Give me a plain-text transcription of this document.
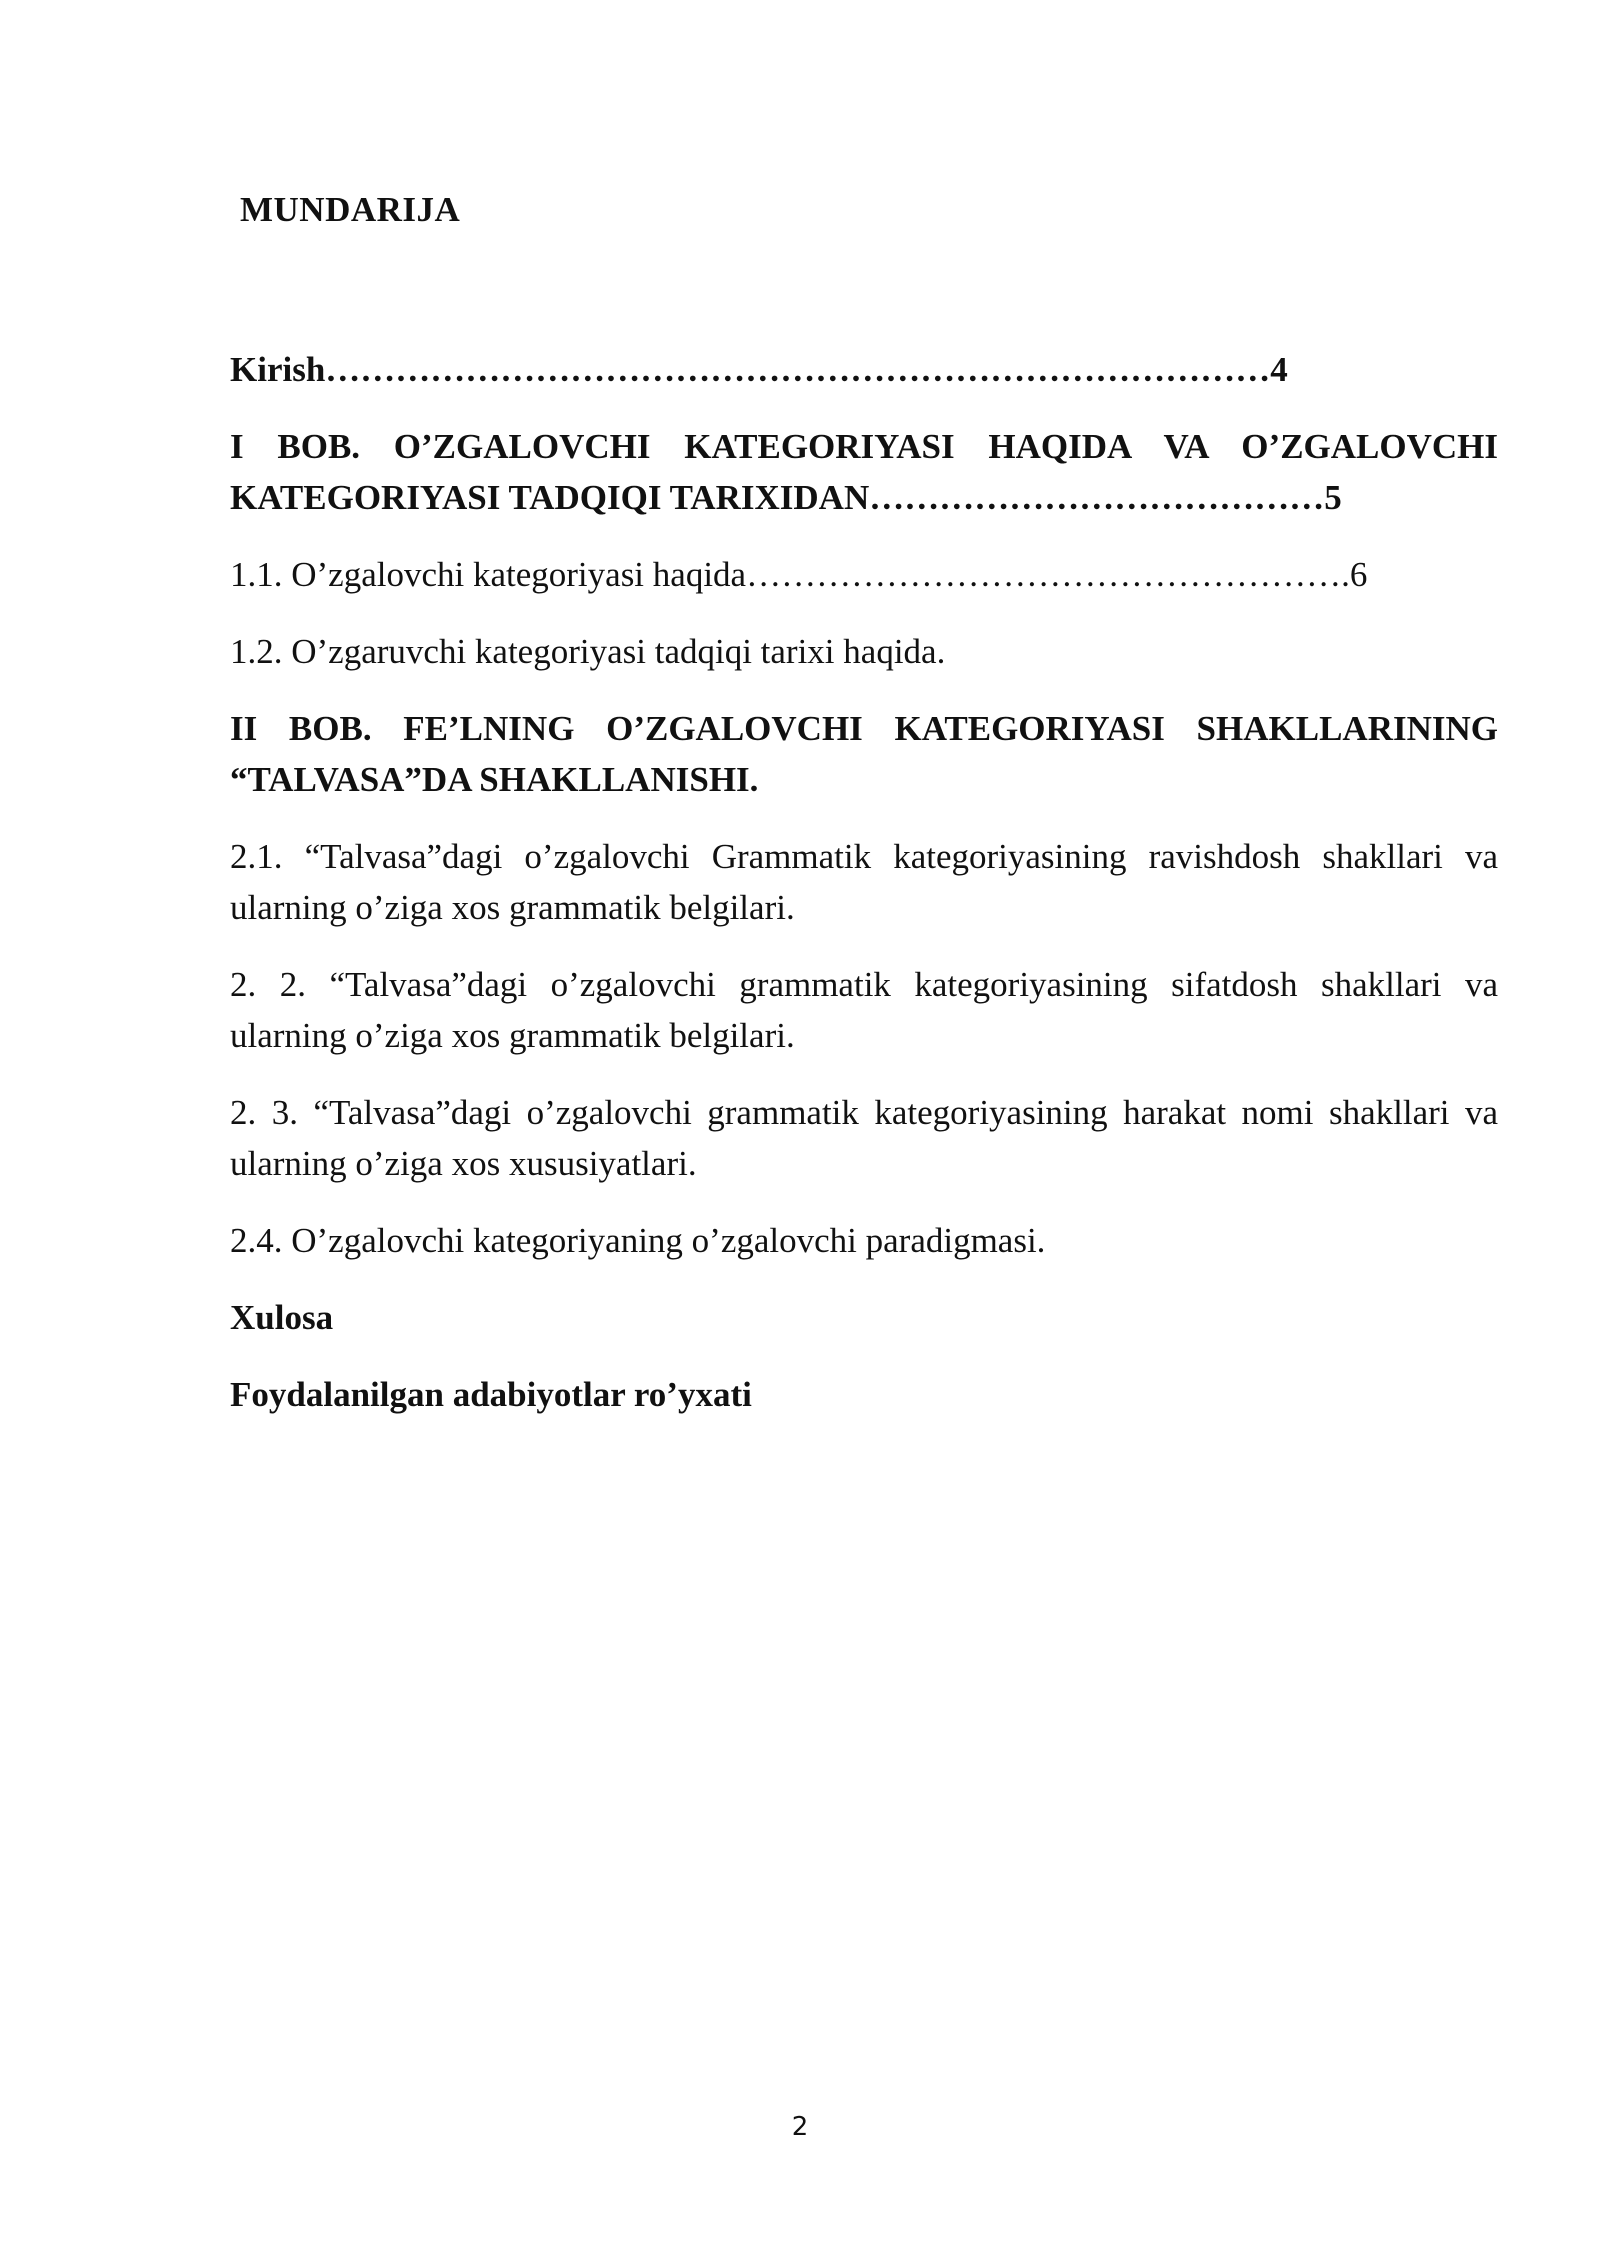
MUNDARIJA

Kirish………………………………………………………………………4

I BOB. O’ZGALOVCHI KATEGORIYASI HAQIDA VA O’ZGALOVCHI KATEGORIYASI TADQIQI TARIXIDAN…………………………………5

1.1. O’zgalovchi kategoriyasi haqida…………………………………………….6

1.2. O’zgaruvchi kategoriyasi tadqiqi tarixi haqida.

II BOB. FE’LNING O’ZGALOVCHI KATEGORIYASI SHAKLLARINING “TALVASA”DA SHAKLLANISHI.

2.1. “Talvasa”dagi o’zgalovchi Grammatik kategoriyasining ravishdosh shakllari va ularning o’ziga xos grammatik belgilari.

2. 2. “Talvasa”dagi o’zgalovchi grammatik kategoriyasining sifatdosh shakllari va ularning o’ziga xos grammatik belgilari.

2. 3. “Talvasa”dagi o’zgalovchi grammatik kategoriyasining harakat nomi shakllari va ularning o’ziga xos xususiyatlari.

2.4. O’zgalovchi kategoriyaning o’zgalovchi paradigmasi.

Xulosa

Foydalanilgan adabiyotlar ro’yxati

2
